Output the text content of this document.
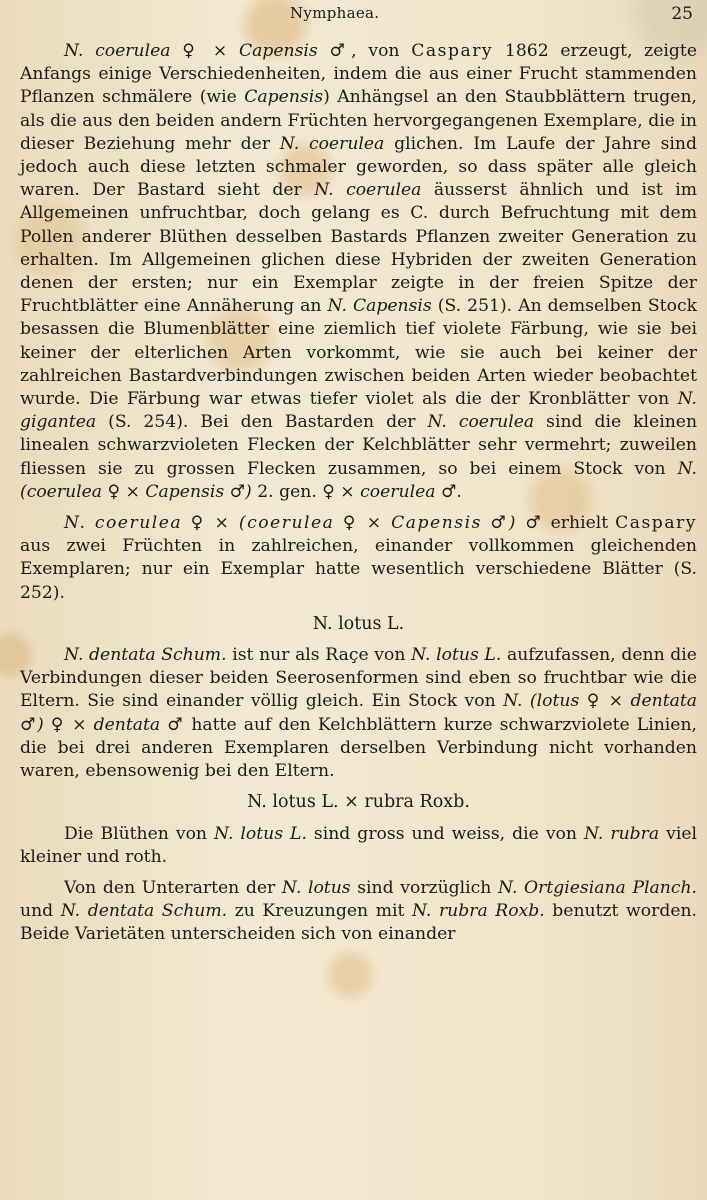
Nymphaea.	25

N. coerulea ♀ × Capensis ♂, von Caspary 1862 erzeugt, zeigte Anfangs einige Verschiedenheiten, indem die aus einer Frucht stammenden Pflanzen schmälere (wie Capensis) Anhängsel an den Staubblättern trugen, als die aus den beiden andern Früchten hervorgegangenen Exemplare, die in dieser Beziehung mehr der N. coerulea glichen. Im Laufe der Jahre sind jedoch auch diese letzten schmaler geworden, so dass später alle gleich waren. Der Bastard sieht der N. coerulea äusserst ähnlich und ist im Allgemeinen unfruchtbar, doch gelang es C. durch Befruchtung mit dem Pollen anderer Blüthen desselben Bastards Pflanzen zweiter Generation zu erhalten. Im Allgemeinen glichen diese Hybriden der zweiten Generation denen der ersten; nur ein Exemplar zeigte in der freien Spitze der Fruchtblätter eine Annäherung an N. Capensis (S. 251). An demselben Stock besassen die Blumenblätter eine ziemlich tief violete Färbung, wie sie bei keiner der elterlichen Arten vorkommt, wie sie auch bei keiner der zahlreichen Bastardverbindungen zwischen beiden Arten wieder beobachtet wurde. Die Färbung war etwas tiefer violet als die der Kronblätter von N. gigantea (S. 254). Bei den Bastarden der N. coerulea sind die kleinen linealen schwarzvioleten Flecken der Kelchblätter sehr vermehrt; zuweilen fliessen sie zu grossen Flecken zusammen, so bei einem Stock von N. (coerulea ♀ × Capensis ♂) 2. gen. ♀ × coerulea ♂.

N. coerulea ♀ × (coerulea ♀ × Capensis ♂) ♂ erhielt Caspary aus zwei Früchten in zahlreichen, einander vollkommen gleichenden Exemplaren; nur ein Exemplar hatte wesentlich verschiedene Blätter (S. 252).

N. lotus L.

N. dentata Schum. ist nur als Raçe von N. lotus L. aufzufassen, denn die Verbindungen dieser beiden Seerosenformen sind eben so fruchtbar wie die Eltern. Sie sind einander völlig gleich. Ein Stock von N. (lotus ♀ × dentata ♂) ♀ × dentata ♂ hatte auf den Kelchblättern kurze schwarzviolete Linien, die bei drei anderen Exemplaren derselben Verbindung nicht vorhanden waren, ebensowenig bei den Eltern.

N. lotus L. × rubra Roxb.

Die Blüthen von N. lotus L. sind gross und weiss, die von N. rubra viel kleiner und roth.

Von den Unterarten der N. lotus sind vorzüglich N. Ortgiesiana Planch. und N. dentata Schum. zu Kreuzungen mit N. rubra Roxb. benutzt worden. Beide Varietäten unterscheiden sich von einander
